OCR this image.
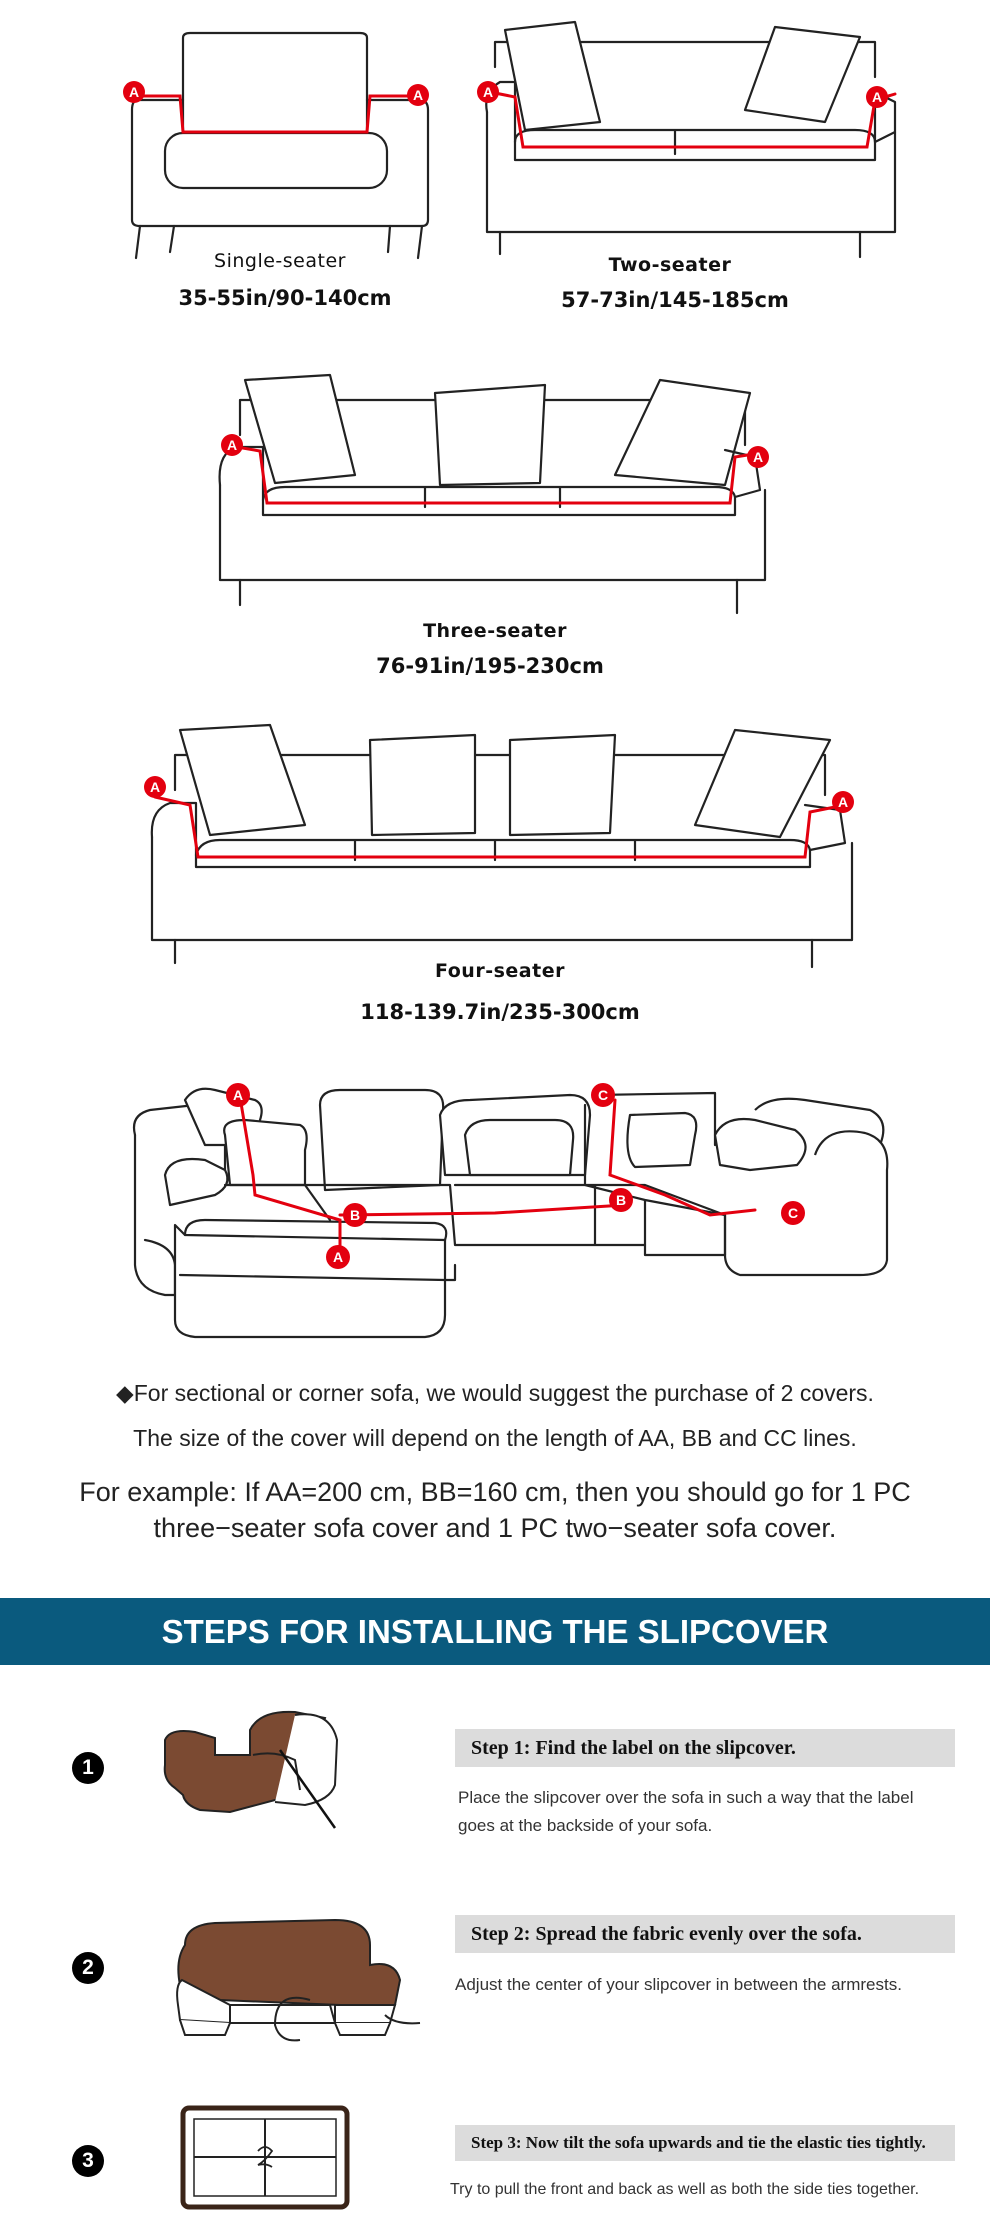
A	A
Single-seater
35-55in/90-140cm
A	A
Two-seater
57-73in/145-185cm
A
A
Three-seater
76-91in/195-230cm
A
A
Four-seater
118-139.7in/235-300cm
A
A
B
B
C
C
◆For sectional or corner sofa, we would suggest the purchase of 2 covers.
The size of the cover will depend on the length of AA, BB and CC lines.
For example: If AA=200 cm, BB=160 cm, then you should go for 1 PC
three−seater sofa cover and 1 PC two−seater sofa cover.
STEPS FOR INSTALLING THE SLIPCOVER
1
Step 1: Find the label on the slipcover.
Place the slipcover over the sofa in such a way that the label
goes at the backside of your sofa.
2
Step 2: Spread the fabric evenly over the sofa.
Adjust the center of your slipcover in between the armrests.
3
Step 3: Now tilt the sofa upwards and tie the elastic ties tightly.
Try to pull the front and back as well as both the side ties together.
